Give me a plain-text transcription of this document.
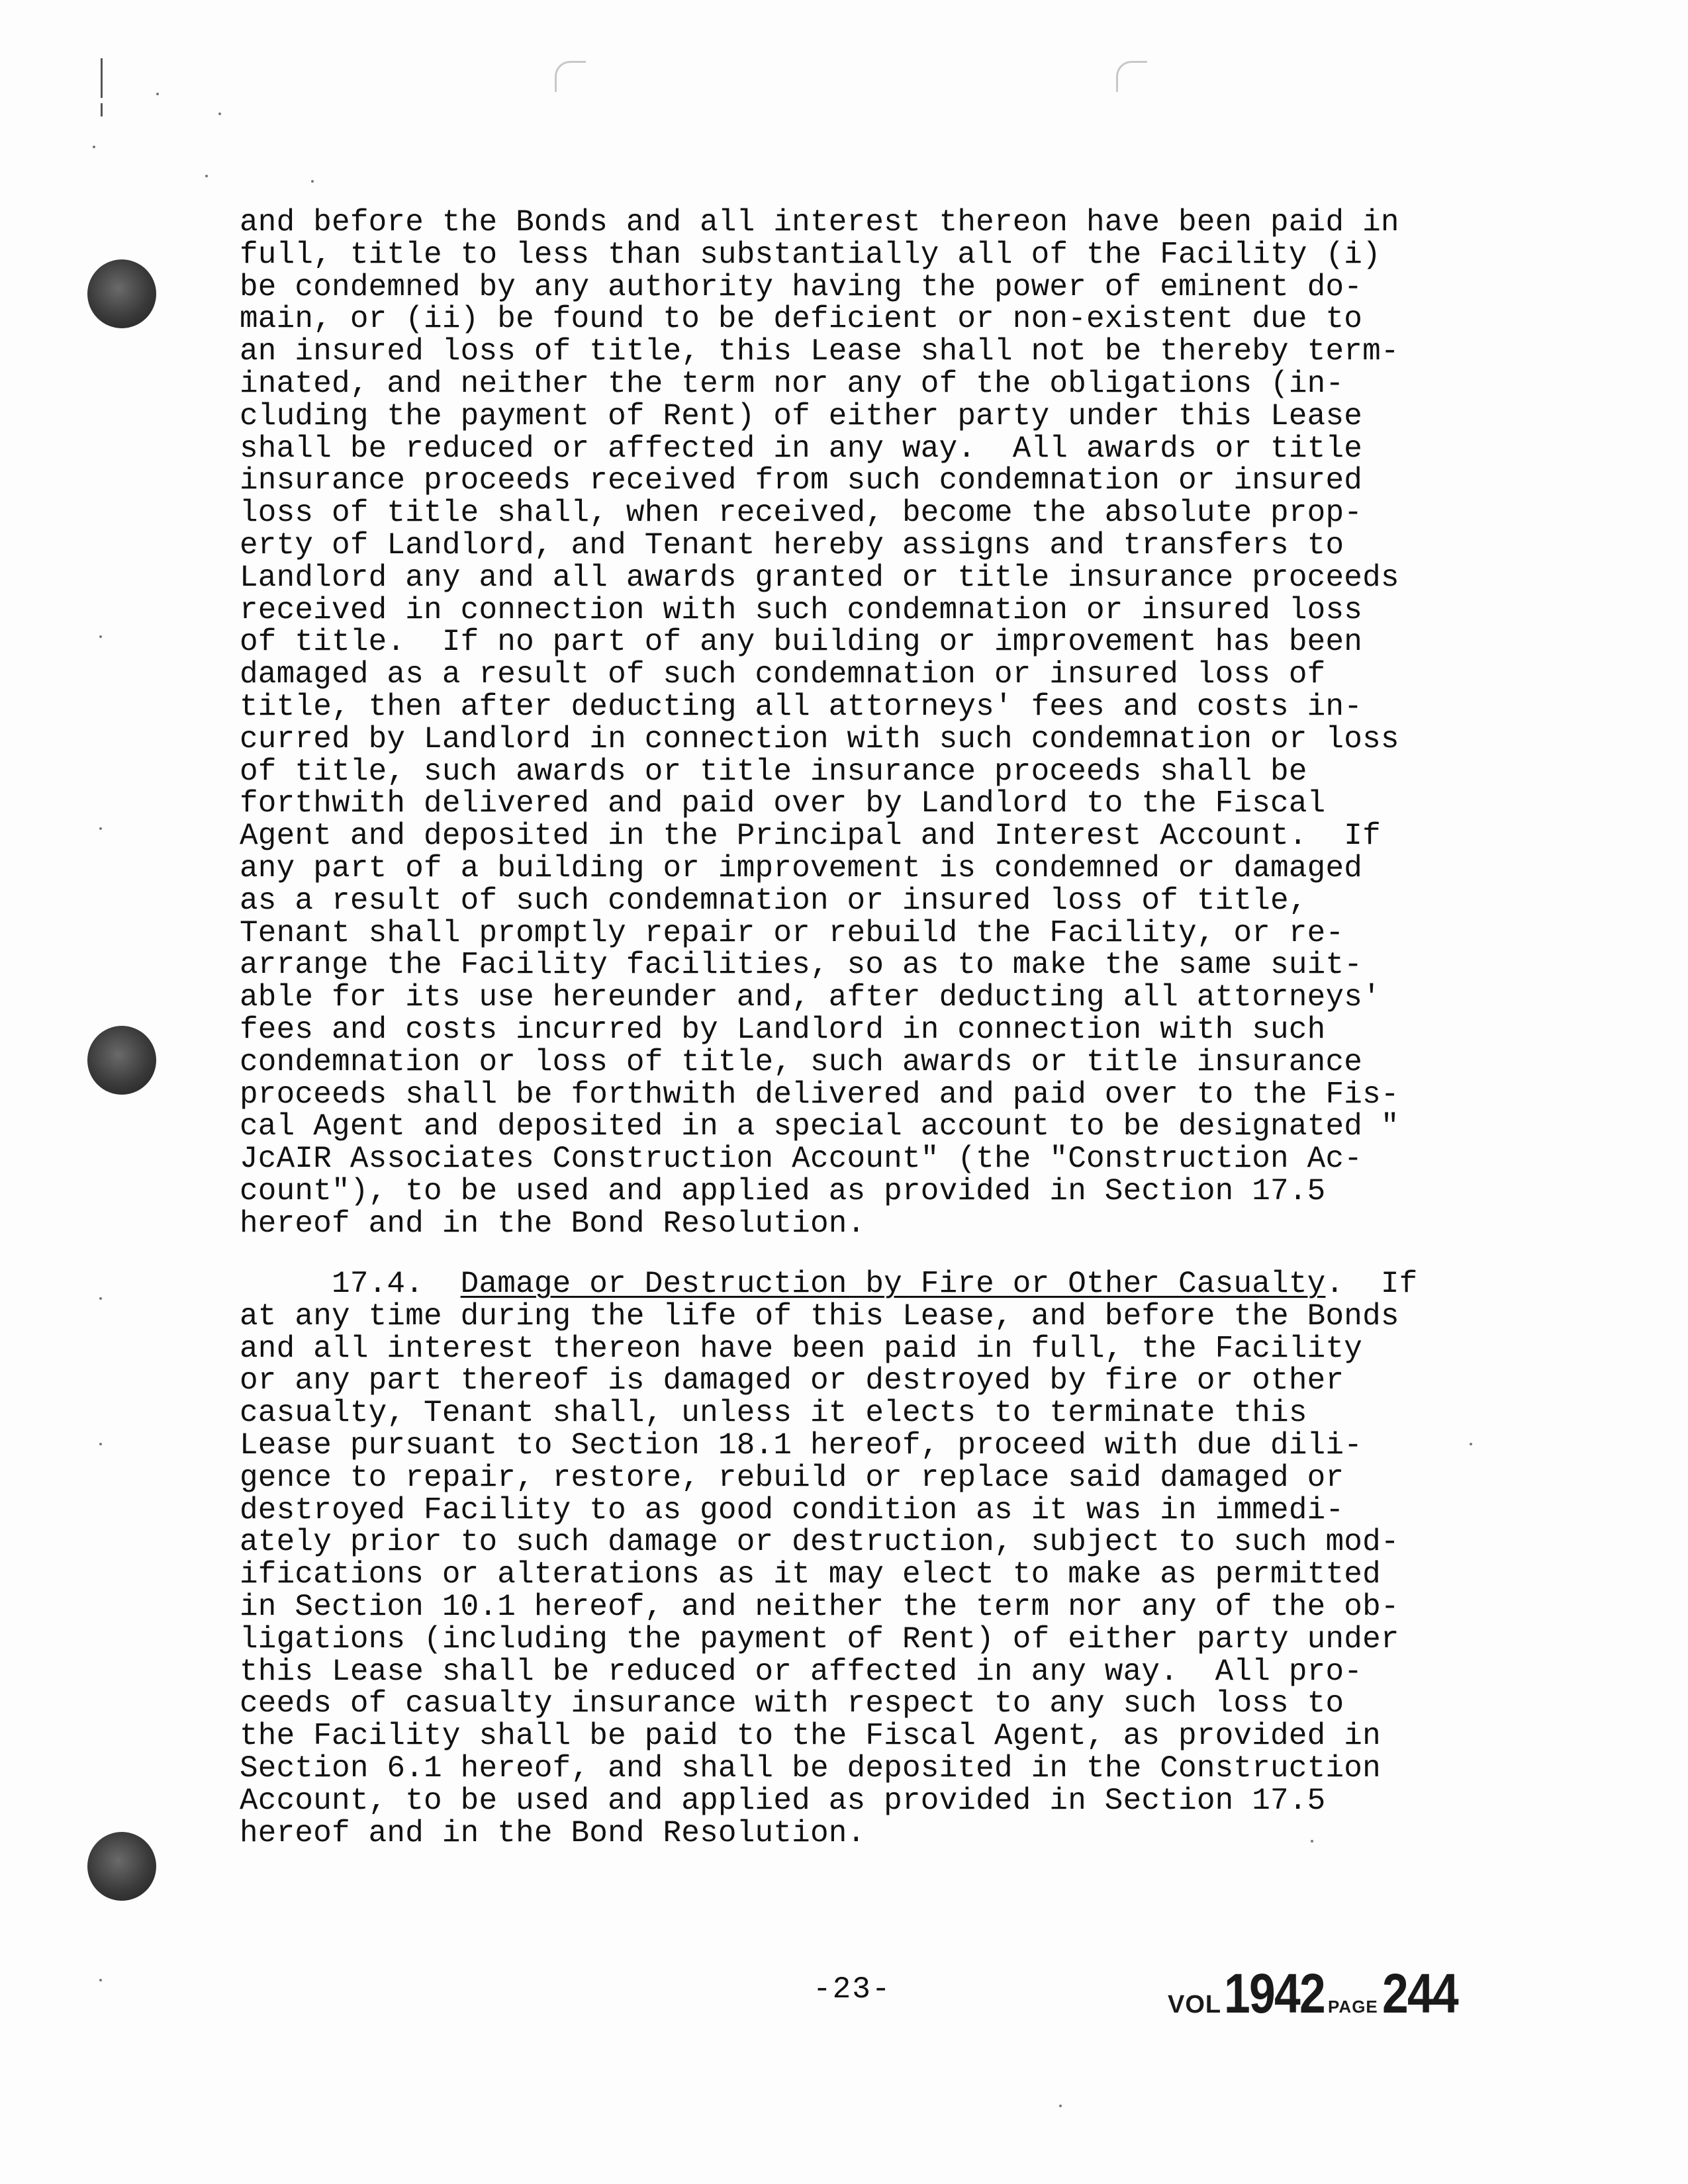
and before the Bonds and all interest thereon have been paid in
full, title to less than substantially all of the Facility (i)
be condemned by any authority having the power of eminent do-
main, or (ii) be found to be deficient or non-existent due to
an insured loss of title, this Lease shall not be thereby term-
inated, and neither the term nor any of the obligations (in-
cluding the payment of Rent) of either party under this Lease
shall be reduced or affected in any way.  All awards or title
insurance proceeds received from such condemnation or insured
loss of title shall, when received, become the absolute prop-
erty of Landlord, and Tenant hereby assigns and transfers to
Landlord any and all awards granted or title insurance proceeds
received in connection with such condemnation or insured loss
of title.  If no part of any building or improvement has been
damaged as a result of such condemnation or insured loss of
title, then after deducting all attorneys' fees and costs in-
curred by Landlord in connection with such condemnation or loss
of title, such awards or title insurance proceeds shall be
forthwith delivered and paid over by Landlord to the Fiscal
Agent and deposited in the Principal and Interest Account.  If
any part of a building or improvement is condemned or damaged
as a result of such condemnation or insured loss of title,
Tenant shall promptly repair or rebuild the Facility, or re-
arrange the Facility facilities, so as to make the same suit-
able for its use hereunder and, after deducting all attorneys'
fees and costs incurred by Landlord in connection with such
condemnation or loss of title, such awards or title insurance
proceeds shall be forthwith delivered and paid over to the Fis-
cal Agent and deposited in a special account to be designated "
JcAIR Associates Construction Account" (the "Construction Ac-
count"), to be used and applied as provided in Section 17.5
hereof and in the Bond Resolution.
17.4.  Damage or Destruction by Fire or Other Casualty.  If
at any time during the life of this Lease, and before the Bonds
and all interest thereon have been paid in full, the Facility
or any part thereof is damaged or destroyed by fire or other
casualty, Tenant shall, unless it elects to terminate this
Lease pursuant to Section 18.1 hereof, proceed with due dili-
gence to repair, restore, rebuild or replace said damaged or
destroyed Facility to as good condition as it was in immedi-
ately prior to such damage or destruction, subject to such mod-
ifications or alterations as it may elect to make as permitted
in Section 10.1 hereof, and neither the term nor any of the ob-
ligations (including the payment of Rent) of either party under
this Lease shall be reduced or affected in any way.  All pro-
ceeds of casualty insurance with respect to any such loss to
the Facility shall be paid to the Fiscal Agent, as provided in
Section 6.1 hereof, and shall be deposited in the Construction
Account, to be used and applied as provided in Section 17.5
hereof and in the Bond Resolution.
-23-	VOL 1942 PAGE 244
